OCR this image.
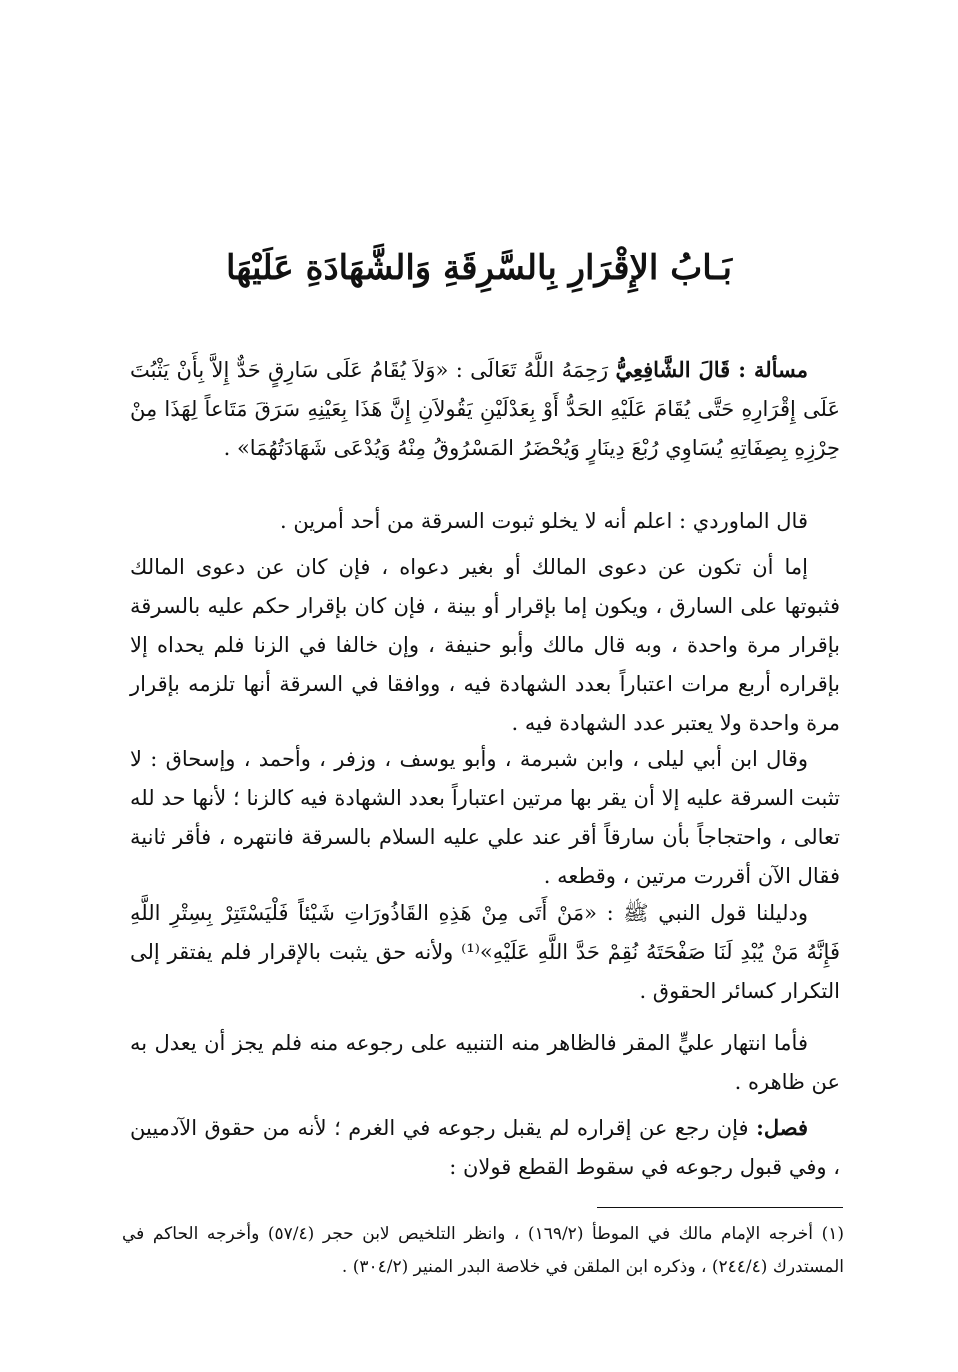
بَـابُ الإِقْرَارِ بِالسَّرِقَةِ وَالشَّهَادَةِ عَلَيْهَا

مسألة : قَالَ الشَّافِعِيُّ رَحِمَهُ اللَّهُ تَعَالَى : «وَلاَ يُقَامُ عَلَى سَارِقٍ حَدٌّ إِلاَّ بِأَنْ يَثْبُتَ عَلَى إِقْرَارِهِ حَتَّى يُقَامَ عَلَيْهِ الحَدُّ أَوْ بِعَدْلَيْنِ يَقُولاَنِ إِنَّ هَذَا بِعَيْنِهِ سَرَقَ مَتَاعاً لِهَذَا مِنْ حِرْزِهِ بِصِفَاتِهِ يُسَاوِي رُبْعَ دِينَارٍ وَيُحْضَرُ المَسْرُوقُ مِنْهُ وَيُدْعَى شَهَادَتُهُمَا» .

قال الماوردي : اعلم أنه لا يخلو ثبوت السرقة من أحد أمرين .

إما أن تكون عن دعوى المالك أو بغير دعواه ، فإن كان عن دعوى المالك فثبوتها على السارق ، ويكون إما بإقرار أو بينة ، فإن كان بإقرار حكم عليه بالسرقة بإقرار مرة واحدة ، وبه قال مالك وأبو حنيفة ، وإن خالفا في الزنا فلم يحداه إلا بإقراره أربع مرات اعتباراً بعدد الشهادة فيه ، ووافقا في السرقة أنها تلزمه بإقرار مرة واحدة ولا يعتبر عدد الشهادة فيه .

وقال ابن أبي ليلى ، وابن شبرمة ، وأبو يوسف ، وزفر ، وأحمد ، وإسحاق : لا تثبت السرقة عليه إلا أن يقر بها مرتين اعتباراً بعدد الشهادة فيه كالزنا ؛ لأنها حد لله تعالى ، واحتجاجاً بأن سارقاً أقر عند علي عليه السلام بالسرقة فانتهره ، فأقر ثانية فقال الآن أقررت مرتين ، وقطعه .

ودليلنا قول النبي ﷺ : «مَنْ أَتَى مِنْ هَذِهِ القَاذُورَاتِ شَيْئاً فَلْيَسْتَتِرْ بِسِتْرِ اللَّهِ فَإِنَّهُ مَنْ يُبْدِ لَنَا صَفْحَتَهُ نُقِمْ حَدَّ اللَّهِ عَلَيْهِ»⁽¹⁾ ولأنه حق يثبت بالإقرار فلم يفتقر إلى التكرار كسائر الحقوق .

فأما انتهار عليٍّ المقر فالظاهر منه التنبيه على رجوعه منه فلم يجز أن يعدل به عن ظاهره .

فصل: فإن رجع عن إقراره لم يقبل رجوعه في الغرم ؛ لأنه من حقوق الآدميين ، وفي قبول رجوعه في سقوط القطع قولان :

(١) أخرجه الإمام مالك في الموطأ (١٦٩/٢) ، وانظر التلخيص لابن حجر (٥٧/٤) وأخرجه الحاكم في المستدرك (٢٤٤/٤) ، وذكره ابن الملقن في خلاصة البدر المنير (٣٠٤/٢) .
